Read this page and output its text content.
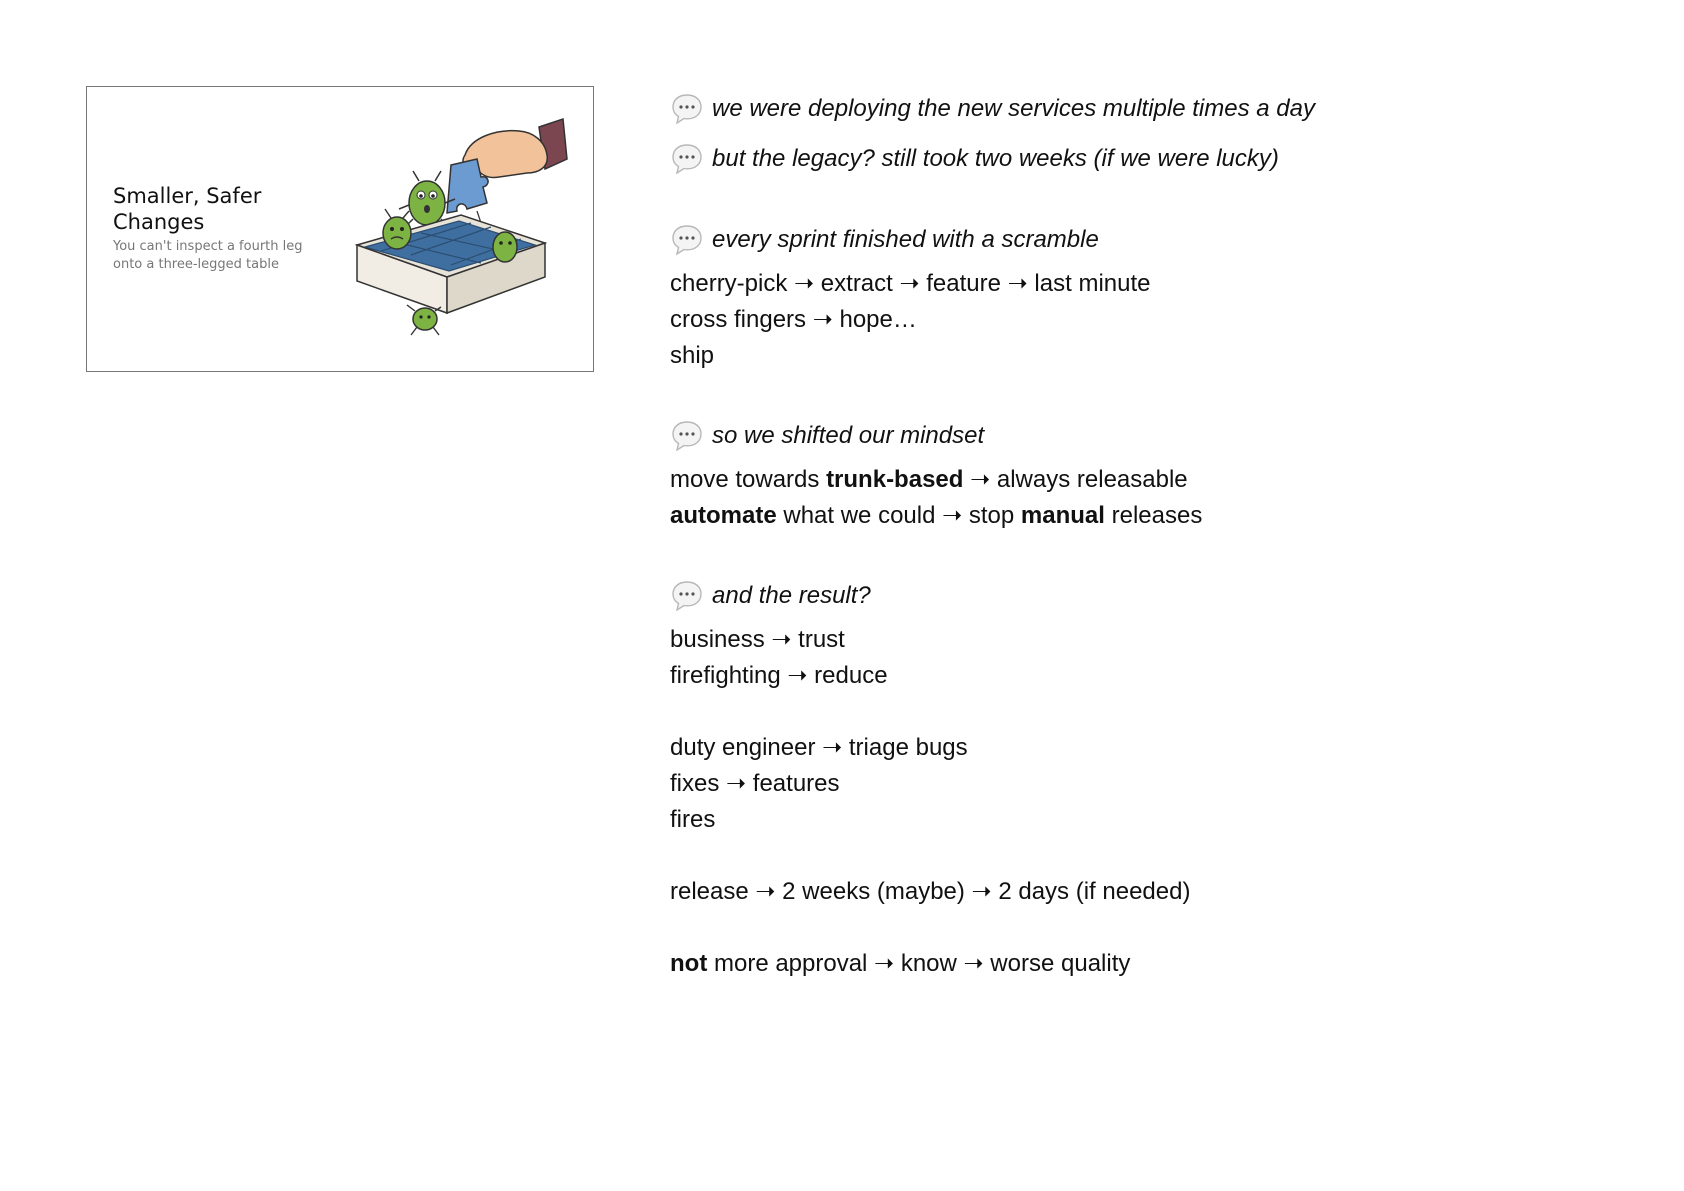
Smaller, Safer Changes
You can't inspect a fourth leg onto a three-legged table
we were deploying the new services multiple times a day
but the legacy? still took two weeks (if we were lucky)
every sprint finished with a scramble
cherry-pick ➝ extract ➝ feature ➝ last minute
cross fingers ➝ hope…
ship
so we shifted our mindset
move towards trunk-based ➝ always releasable
automate what we could ➝ stop manual releases
and the result?
business ➝ trust
firefighting ➝ reduce
duty engineer ➝ triage bugs
fixes ➝ features
fires
release ➝ 2 weeks (maybe) ➝ 2 days (if needed)
not more approval ➝ know ➝ worse quality
